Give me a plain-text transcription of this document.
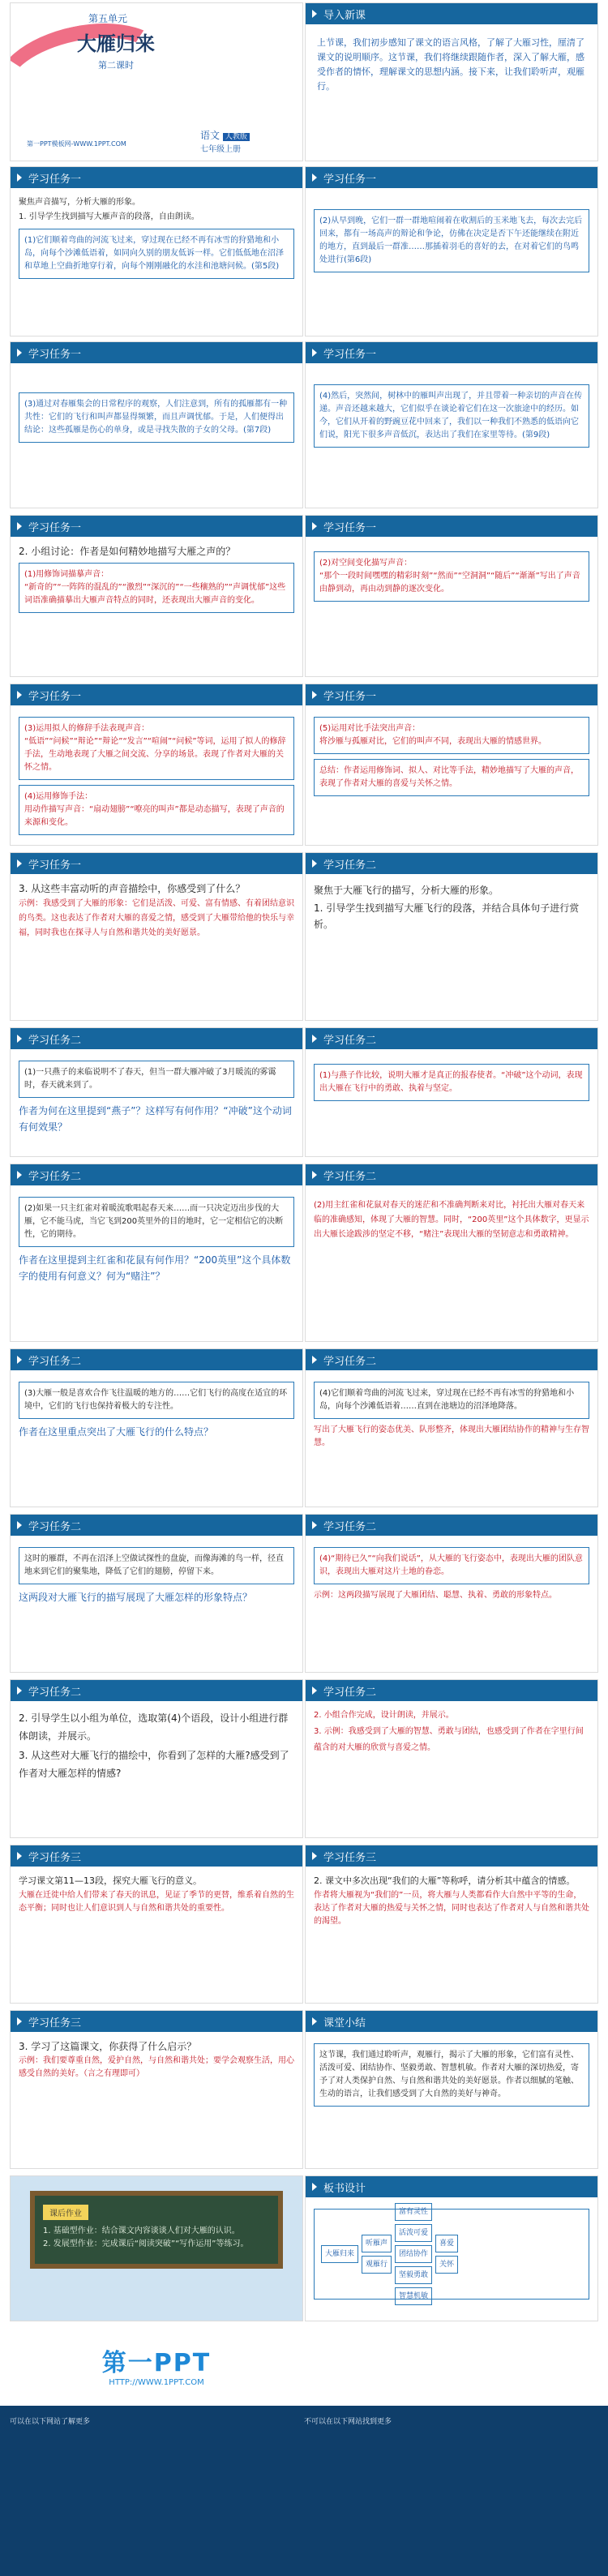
第五单元
大雁归来
第二课时
第一PPT模板网-WWW.1PPT.COM
语文 人教版
七年级上册
导入新课
上节课，我们初步感知了课文的语言风格，了解了大雁习性，厘清了课文的说明顺序。这节课，我们将继续跟随作者，深入了解大雁，感受作者的情怀，理解课文的思想内涵。接下来，让我们聆听声，观雁行。
学习任务一
聚焦声音描写，分析大雁的形象。
1. 引导学生找到描写大雁声音的段落，自由朗读。
(1)它们顺着弯曲的河流飞过来，穿过现在已经不再有冰雪的狩猎地和小岛，向每个沙滩低语着，如同向久别的朋友低诉一样。它们低低地在沼泽和草地上空曲折地穿行着，向每个刚刚融化的水洼和池塘问候。(第5段)
学习任务一
(2)从早到晚，它们一群一群地喧闹着在收割后的玉米地飞去，每次去完后回来，都有一场高声的辩论和争论，仿佛在决定是否下午还能继续在附近的地方，直到最后一群准……那插着羽毛的喜好的去，在对着它们的鸟鸣处进行(第6段)
学习任务一
(3)通过对春雁集会的日常程序的观察，人们注意到，所有的孤雁都有一种共性：它们的飞行和叫声都显得频繁，而且声调忧郁。于是，人们便得出结论：这些孤雁是伤心的单身，或是寻找失散的子女的父母。(第7段)
学习任务一
(4)然后，突然间，树林中的雁叫声出现了，并且带着一种亲切的声音在传递。声音还越来越大，它们似乎在谈论着它们在这一次旅途中的经历。如今，它们从开着的野豌豆花中回来了，我们以一种我们不熟悉的低语向它们说，阳光下很多声音低沉，表达出了我们在家里等待。(第9段)
学习任务一
2. 小组讨论：作者是如何精妙地描写大雁之声的？
(1)用修饰词描摹声音：
“新奇的”“一阵阵的混乱的”“激烈”“深沉的”“一些穰熟的”“声调忧郁”这些词语准确描摹出大雁声音特点的同时，还表现出大雁声音的变化。
学习任务一
(2)对空间变化描写声音：
“那个一段时间嘿嘿的精彩时刻”“然而”“空洞洞”“随后”“渐渐”写出了声音由静到动，再由动到静的逐次变化。
学习任务一
(3)运用拟人的修辞手法表现声音：
“低语”“问候”“辩论”“辩论”“发言”“喧闹”“问候”等词，运用了拟人的修辞手法，生动地表现了大雁之间交流、分享的场景。表现了作者对大雁的关怀之情。
(4)运用修饰手法：
用动作描写声音：“扇动翅膀”“嘹亮的叫声”都是动态描写，表现了声音的来源和变化。
学习任务一
(5)运用对比手法突出声音：
将沙雁与孤雁对比，它们的叫声不同，表现出大雁的情感世界。
总结：作者运用修饰词、拟人、对比等手法，精妙地描写了大雁的声音，表现了作者对大雁的喜爱与关怀之情。
学习任务一
3. 从这些丰富动听的声音描绘中，你感受到了什么？
示例：我感受到了大雁的形象：它们是活泼、可爱、富有情感、有着团结意识的鸟类。这也表达了作者对大雁的喜爱之情，感受到了大雁带给他的快乐与幸福，同时我也在探寻人与自然和谐共处的美好愿景。
学习任务二
聚焦于大雁飞行的描写，分析大雁的形象。
1. 引导学生找到描写大雁飞行的段落，并结合具体句子进行赏析。
学习任务二
(1)一只燕子的来临说明不了春天，但当一群大雁冲破了3月暖流的雾霭时，春天就来到了。
作者为何在这里提到“燕子”？这样写有何作用？“冲破”这个动词有何效果？
学习任务二
(1)与燕子作比较，说明大雁才是真正的报春使者。“冲破”这个动词，表现出大雁在飞行中的勇敢、执着与坚定。
学习任务二
(2)如果一只主红雀对着暖流歌唱起春天来……而一只决定迈出步伐的大雁，它不能马虎，当它飞到200英里外的目的地时，它一定相信它的决断性，它的期待。
作者在这里提到主红雀和花鼠有何作用？“200英里”这个具体数字的使用有何意义？何为“赌注”？
学习任务二
(2)用主红雀和花鼠对春天的迷茫和不准确判断来对比，衬托出大雁对春天来临的准确感知，体现了大雁的智慧。同时，“200英里”这个具体数字，更显示出大雁长途跋涉的坚定不移，“赌注”表现出大雁的坚韧意志和勇敢精神。
学习任务二
(3)大雁一般是喜欢合作飞往温暖的地方的……它们飞行的高度在适宜的环境中，它们的飞行也保持着极大的专注性。
作者在这里重点突出了大雁飞行的什么特点？
学习任务二
(4)它们顺着弯曲的河流飞过来，穿过现在已经不再有冰雪的狩猎地和小岛，向每个沙滩低语着……直到在池塘边的沼泽地降落。
写出了大雁飞行的姿态优美、队形整齐，体现出大雁团结协作的精神与生存智慧。
学习任务二
这时的雁群，不再在沼泽上空做试探性的盘旋，而像海滩的鸟一样，径直地来到它们的聚集地，降低了它们的翅膀，停留下来。
这两段对大雁飞行的描写展现了大雁怎样的形象特点？
学习任务二
(4)“期待已久”“向我们说话”，从大雁的飞行姿态中，表现出大雁的团队意识，表现出大雁对这片土地的眷恋。
示例：这两段描写展现了大雁团结、聪慧、执着、勇敢的形象特点。
学习任务二
2. 引导学生以小组为单位，选取第(4)个语段，设计小组进行群体朗读，并展示。
3. 从这些对大雁飞行的描绘中，你看到了怎样的大雁?感受到了作者对大雁怎样的情感?
学习任务二
2. 小组合作完成，设计朗读，并展示。
3. 示例：我感受到了大雁的智慧、勇敢与团结，也感受到了作者在字里行间蕴含的对大雁的欣赏与喜爱之情。
学习任务三
学习课文第11—13段，探究大雁飞行的意义。
大雁在迁徙中给人们带来了春天的讯息，见证了季节的更替，维系着自然的生态平衡；同时也让人们意识到人与自然和谐共处的重要性。
学习任务三
2. 课文中多次出现“我们的大雁”等称呼，请分析其中蕴含的情感。
作者将大雁视为“我们的”一员，将大雁与人类都看作大自然中平等的生命，表达了作者对大雁的热爱与关怀之情，同时也表达了作者对人与自然和谐共处的渴望。
学习任务三
3. 学习了这篇课文，你获得了什么启示？
示例：我们要尊重自然，爱护自然，与自然和谐共处；要学会观察生活，用心感受自然的美好。（言之有理即可）
课堂小结
这节课，我们通过聆听声，观雁行，揭示了大雁的形象，它们富有灵性、活泼可爱、团结协作、坚毅勇敢、智慧机敏。作者对大雁的深切热爱，寄予了对人类保护自然、与自然和谐共处的美好愿景。作者以细腻的笔触、生动的语言，让我们感受到了大自然的美好与神奇。
课后作业
1. 基础型作业：结合课文内容谈谈人们对大雁的认识。
2. 发展型作业：完成课后“阅读突破”“写作运用”等练习。
板书设计
大雁归来
听雁声
观雁行
富有灵性
活泼可爱
团结协作
坚毅勇敢
智慧机敏
喜爱
关怀
第一PPT
HTTP://WWW.1PPT.COM
可以在以下网站了解更多	不可以在以下网站找到更多
